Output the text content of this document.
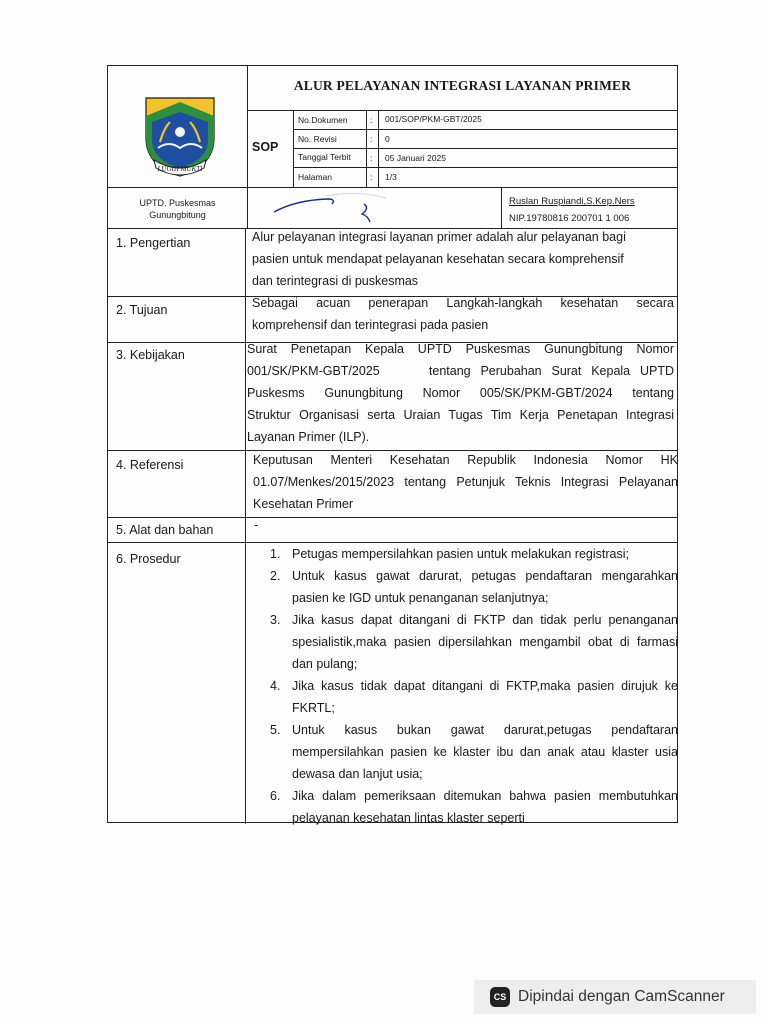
LUGIH MUKTI
ALUR PELAYANAN INTEGRASI LAYANAN PRIMER
SOP
No.Dokumen	: 001/SOP/PKM-GBT/2025
No. Revisi	: 0
Tanggal Terbit : 05 Januari 2025
Halaman	: 1/3
UPTD. Puskesmas
Gunungbitung
Ruslan Ruspiandi,S.Kep.Ners
NIP.19780816 200701 1 006
1. Pengertian	Alur pelayanan integrasi layanan primer adalah alur pelayanan bagi
pasien untuk mendapat pelayanan kesehatan secara komprehensif
dan terintegrasi di puskesmas
2. Tujuan	Sebagai acuan penerapan Langkah-langkah kesehatan secara
komprehensif dan terintegrasi pada pasien
3. Kebijakan	Surat Penetapan Kepala UPTD Puskesmas Gunungbitung Nomor
001/SK/PKM-GBT/2025     tentang Perubahan Surat Kepala UPTD
Puskesms Gunungbitung Nomor 005/SK/PKM-GBT/2024 tentang
Struktur Organisasi serta Uraian Tugas Tim Kerja Penetapan Integrasi
Layanan Primer (ILP).
4. Referensi	Keputusan Menteri Kesehatan Republik Indonesia Nomor HK
01.07/Menkes/2015/2023 tentang Petunjuk Teknis Integrasi Pelayanan
Kesehatan Primer
5. Alat dan bahan	-
6. Prosedur	1. Petugas mempersilahkan pasien untuk melakukan registrasi;
2. Untuk kasus gawat darurat, petugas pendaftaran mengarahkan pasien ke IGD untuk penanganan selanjutnya;
3. Jika kasus dapat ditangani di FKTP dan tidak perlu penanganan spesialistik,maka pasien dipersilahkan mengambil obat di farmasi dan pulang;
4. Jika kasus tidak dapat ditangani di FKTP,maka pasien dirujuk ke FKRTL;
5. Untuk kasus bukan gawat darurat,petugas pendaftaran mempersilahkan pasien ke klaster ibu dan anak atau klaster usia dewasa dan lanjut usia;
6. Jika dalam pemeriksaan ditemukan bahwa pasien membutuhkan pelayanan kesehatan lintas klaster seperti
CS Dipindai dengan CamScanner
